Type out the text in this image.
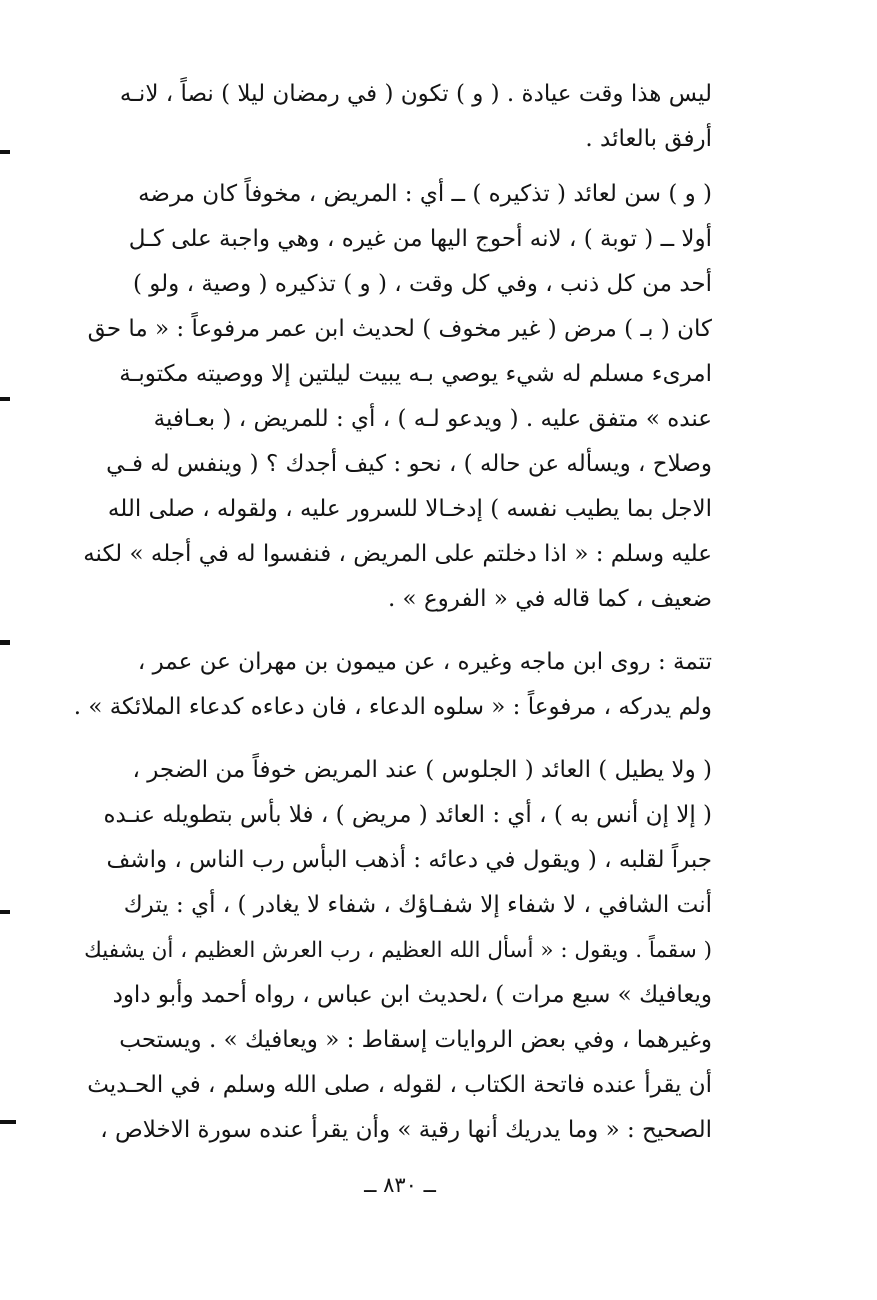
ليس هذا وقت عيادة . ( و ) تكون ( في رمضان ليلا ) نصاً ، لانـه
أرفق بالعائد .
( و ) سن لعائد ( تذكيره ) ــ أي : المريض ، مخوفاً كان مرضه
أولا ــ ( توبة ) ، لانه أحوج اليها من غيره ، وهي واجبة على كـل
أحد من كل ذنب ، وفي كل وقت ، ( و ) تذكيره ( وصية ، ولو )
كان ( بـ ) مرض ( غير مخوف ) لحديث ابن عمر مرفوعاً : « ما حق
امرىء مسلم له شيء يوصي بـه يبيت ليلتين إلا ووصيته مكتوبـة
عنده » متفق عليه . ( ويدعو لـه ) ، أي : للمريض ، ( بعـافية
وصلاح ، ويسأله عن حاله ) ، نحو : كيف أجدك ؟ ( وينفس له فـي
الاجل بما يطيب نفسه ) إدخـالا للسرور عليه ، ولقوله ، صلى الله
عليه وسلم : « اذا دخلتم على المريض ، فنفسوا له في أجله » لكنه
ضعيف ، كما قاله في « الفروع » .
تتمة : روى ابن ماجه وغيره ، عن ميمون بن مهران عن عمر ،
ولم يدركه ، مرفوعاً : « سلوه الدعاء ، فان دعاءه كدعاء الملائكة » .
( ولا يطيل ) العائد ( الجلوس ) عند المريض خوفاً من الضجر ،
( إلا إن أنس به ) ، أي : العائد ( مريض ) ، فلا بأس بتطويله عنـده
جبراً لقلبه ، ( ويقول في دعائه : أذهب البأس رب الناس ، واشف
أنت الشافي ، لا شفاء إلا شفـاؤك ، شفاء لا يغادر ) ، أي : يترك
( سقماً . ويقول : « أسأل الله العظيم ، رب العرش العظيم ، أن يشفيك
ويعافيك » سبع مرات ) ،لحديث ابن عباس ، رواه أحمد وأبو داود
وغيرهما ، وفي بعض الروايات إسقاط : « ويعافيك » . ويستحب
أن يقرأ عنده فاتحة الكتاب ، لقوله ، صلى الله وسلم ، في الحـديث
الصحيح : « وما يدريك أنها رقية » وأن يقرأ عنده سورة الاخلاص ،
ــ ٨٣٠ ــ
